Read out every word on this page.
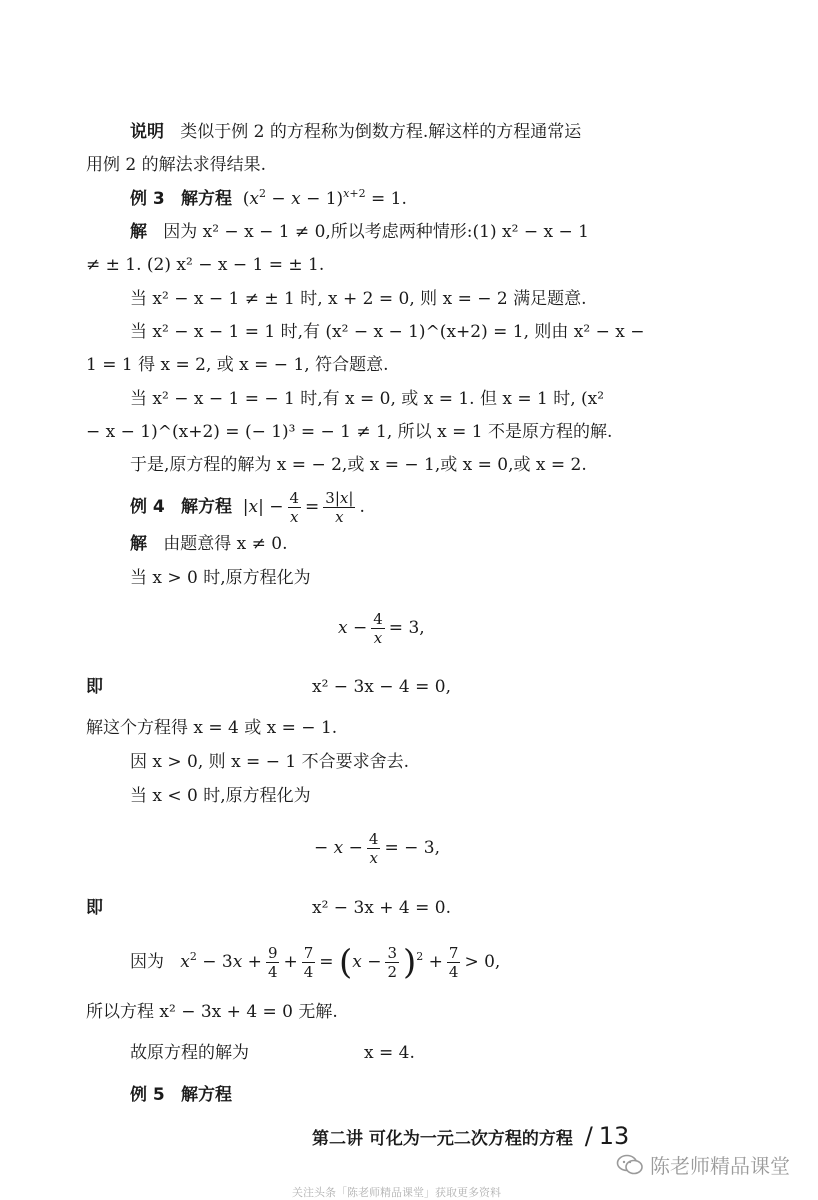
说明 类似于例 2 的方程称为倒数方程.解这样的方程通常运
用例 2 的解法求得结果.
例 3 解方程 $(x^2 - x - 1)^{x+2} = 1$.
解 因为 x² − x − 1 ≠ 0,所以考虑两种情形:(1) x² − x − 1
≠ ± 1. (2) x² − x − 1 = ± 1.
当 x² − x − 1 ≠ ± 1 时, x + 2 = 0, 则 x = − 2 满足题意.
当 x² − x − 1 = 1 时,有 (x² − x − 1)^(x+2) = 1, 则由 x² − x −
1 = 1 得 x = 2, 或 x = − 1, 符合题意.
当 x² − x − 1 = − 1 时,有 x = 0, 或 x = 1. 但 x = 1 时, (x²
− x − 1)^(x+2) = (− 1)³ = − 1 ≠ 1, 所以 x = 1 不是原方程的解.
于是,原方程的解为 x = − 2,或 x = − 1,或 x = 0,或 x = 2.
例 4 解方程 $|x| - \frac{4}{x} = \frac{3|x|}{x}$ .
解 由题意得 x ≠ 0.
当 x > 0 时,原方程化为
$x - \frac{4}{x} = 3$,
即	x² − 3x − 4 = 0,
解这个方程得 x = 4 或 x = − 1.
因 x > 0, 则 x = − 1 不合要求舍去.
当 x < 0 时,原方程化为
− $x - \frac{4}{x}$ = − 3,
即	x² − 3x + 4 = 0.
因为 $x^2 - 3x + \frac{9}{4} + \frac{7}{4} = (x - \frac{3}{2} )^2 + \frac{7}{4} > 0$,
所以方程 x² − 3x + 4 = 0 无解.
故原方程的解为	x = 4.
例 5 解方程
第二讲 可化为一元二次方程的方程 / 13
陈老师精品课堂
关注头条「陈老师精品课堂」获取更多资料
